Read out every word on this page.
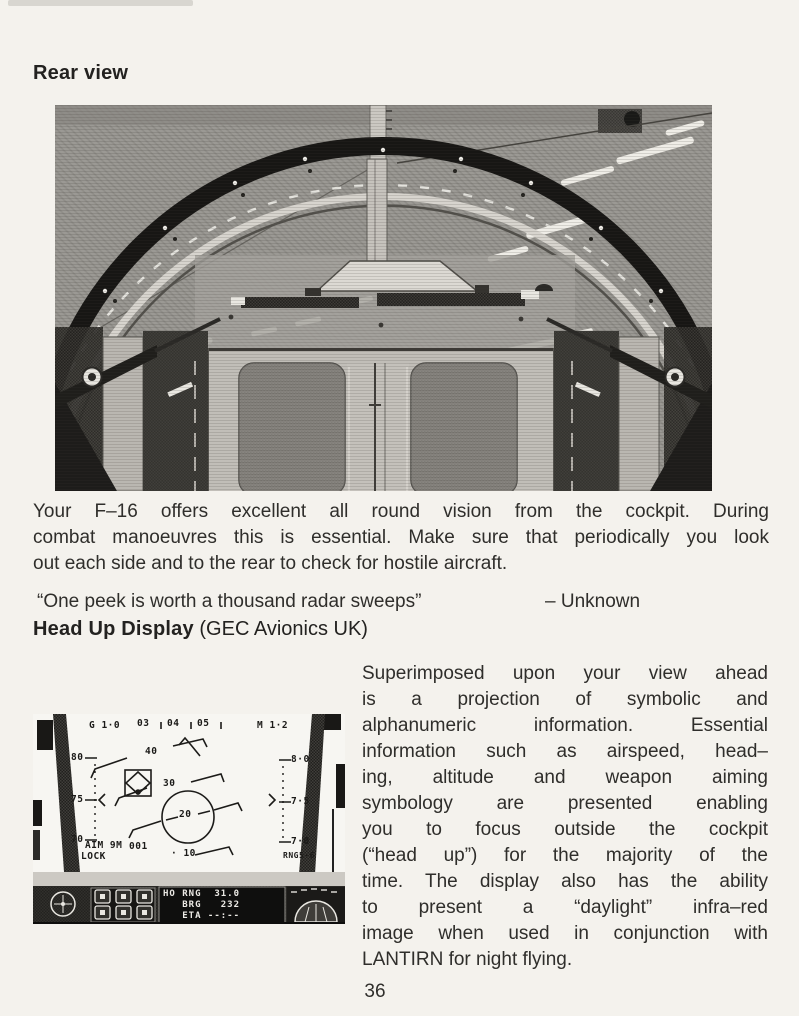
Rear view
Your F–16 offers excellent all round vision from the cockpit. During
combat manoeuvres this is essential. Make sure that periodically you look
out each side and to the rear to check for hostile aircraft.
“One peek is worth a thousand radar sweeps”	– Unknown
Head Up Display (GEC Avionics UK)
G 1·0 03 04 05	M 1·2
80
75
70
8·0
7·5
7·0
40
30
20
· 10
AIM 9M
LOCK
001
RNG5·6
HO RNG  31.0
BRG   232
ETA --:--
Superimposed upon your view ahead
is a projection of symbolic and
alphanumeric information. Essential
information such as airspeed, head–
ing, altitude and weapon aiming
symbology are presented enabling
you to focus outside the cockpit
(“head up”) for the majority of the
time. The display also has the ability
to present a “daylight” infra–red
image when used in conjunction with
LANTIRN for night flying.
36
